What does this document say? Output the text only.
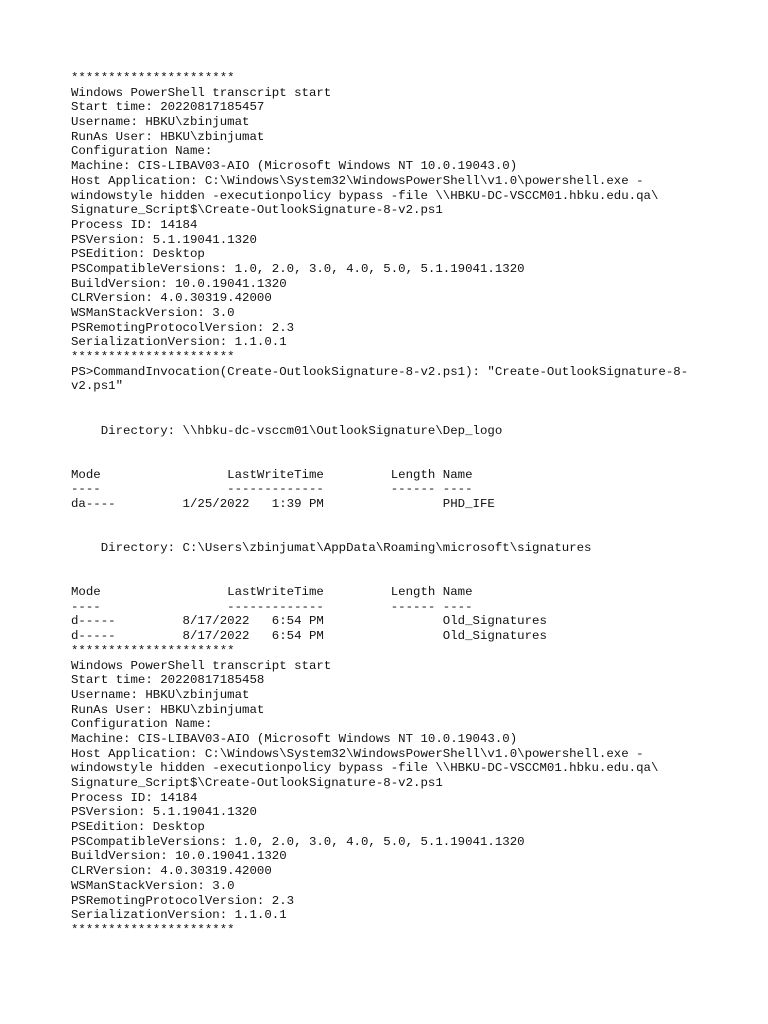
**********************
Windows PowerShell transcript start
Start time: 20220817185457
Username: HBKU\zbinjumat
RunAs User: HBKU\zbinjumat
Configuration Name:
Machine: CIS-LIBAV03-AIO (Microsoft Windows NT 10.0.19043.0)
Host Application: C:\Windows\System32\WindowsPowerShell\v1.0\powershell.exe -
windowstyle hidden -executionpolicy bypass -file \\HBKU-DC-VSCCM01.hbku.edu.qa\
Signature_Script$\Create-OutlookSignature-8-v2.ps1
Process ID: 14184
PSVersion: 5.1.19041.1320
PSEdition: Desktop
PSCompatibleVersions: 1.0, 2.0, 3.0, 4.0, 5.0, 5.1.19041.1320
BuildVersion: 10.0.19041.1320
CLRVersion: 4.0.30319.42000
WSManStackVersion: 3.0
PSRemotingProtocolVersion: 2.3
SerializationVersion: 1.1.0.1
**********************
PS>CommandInvocation(Create-OutlookSignature-8-v2.ps1): "Create-OutlookSignature-8-
v2.ps1"
Directory: \\hbku-dc-vsccm01\OutlookSignature\Dep_logo
Mode                 LastWriteTime         Length Name
----                 -------------         ------ ----
da----         1/25/2022   1:39 PM                PHD_IFE
Directory: C:\Users\zbinjumat\AppData\Roaming\microsoft\signatures
Mode                 LastWriteTime         Length Name
----                 -------------         ------ ----
d-----         8/17/2022   6:54 PM                Old_Signatures
d-----         8/17/2022   6:54 PM                Old_Signatures
**********************
Windows PowerShell transcript start
Start time: 20220817185458
Username: HBKU\zbinjumat
RunAs User: HBKU\zbinjumat
Configuration Name:
Machine: CIS-LIBAV03-AIO (Microsoft Windows NT 10.0.19043.0)
Host Application: C:\Windows\System32\WindowsPowerShell\v1.0\powershell.exe -
windowstyle hidden -executionpolicy bypass -file \\HBKU-DC-VSCCM01.hbku.edu.qa\
Signature_Script$\Create-OutlookSignature-8-v2.ps1
Process ID: 14184
PSVersion: 5.1.19041.1320
PSEdition: Desktop
PSCompatibleVersions: 1.0, 2.0, 3.0, 4.0, 5.0, 5.1.19041.1320
BuildVersion: 10.0.19041.1320
CLRVersion: 4.0.30319.42000
WSManStackVersion: 3.0
PSRemotingProtocolVersion: 2.3
SerializationVersion: 1.1.0.1
**********************
